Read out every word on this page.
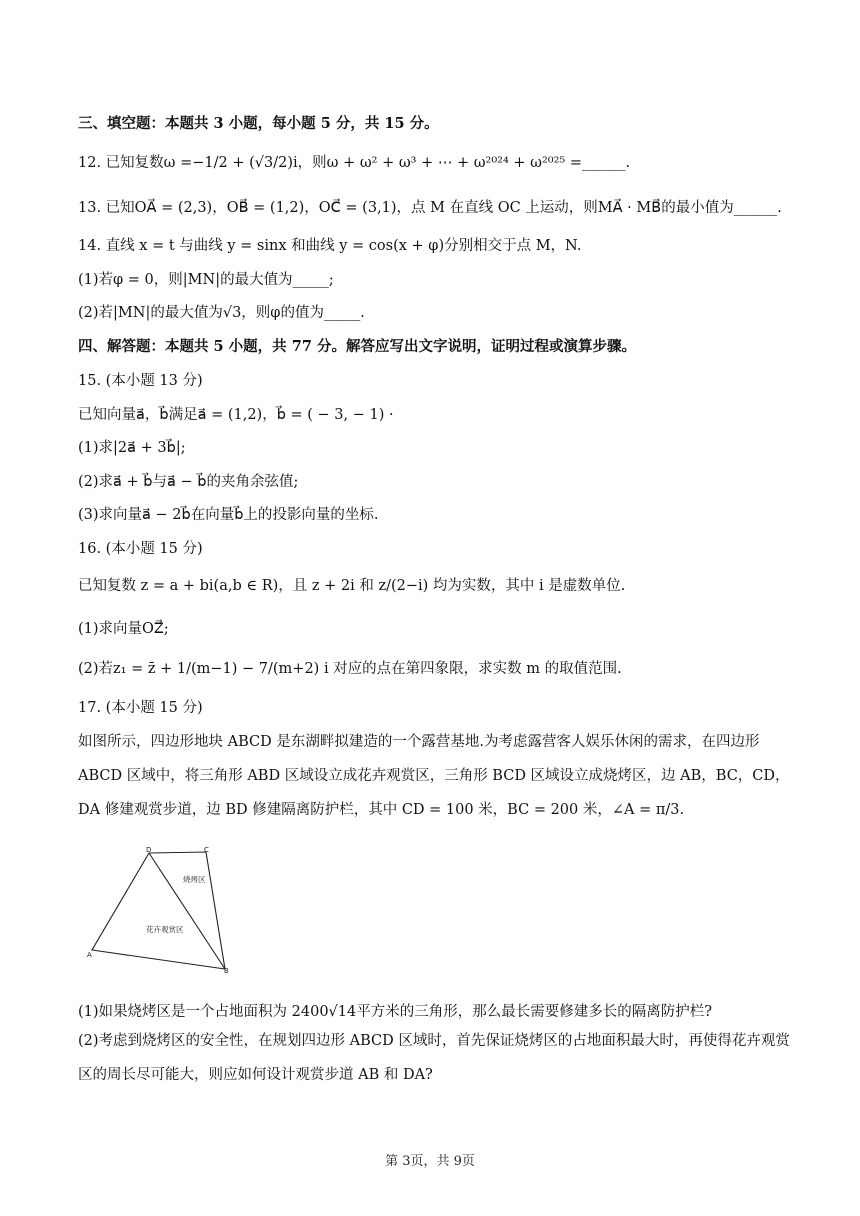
三、填空题：本题共 3 小题，每小题 5 分，共 15 分。
12. 已知复数ω =−1/2 + (√3/2)i，则ω + ω² + ω³ + ⋯ + ω²⁰²⁴ + ω²⁰²⁵ =______.
13. 已知OA⃗ = (2,3)，OB⃗ = (1,2)，OC⃗ = (3,1)，点 M 在直线 OC 上运动，则MA⃗ · MB⃗的最小值为______.
14. 直线 x = t 与曲线 y = sinx 和曲线 y = cos(x + φ)分别相交于点 M，N.
(1)若φ = 0，则|MN|的最大值为_____;
(2)若|MN|的最大值为√3，则φ的值为_____.
四、解答题：本题共 5 小题，共 77 分。解答应写出文字说明，证明过程或演算步骤。
15. (本小题 13 分)
已知向量a⃗，b⃗满足a⃗ = (1,2)，b⃗ = ( − 3, − 1) ·
(1)求|2a⃗ + 3b⃗|;
(2)求a⃗ + b⃗与a⃗ − b⃗的夹角余弦值;
(3)求向量a⃗ − 2b⃗在向量b⃗上的投影向量的坐标.
16. (本小题 15 分)
已知复数 z = a + bi(a,b ∈ R)，且 z + 2i 和 z/(2−i) 均为实数，其中 i 是虚数单位.
(1)求向量OZ⃗;
(2)若z₁ = z̄ + 1/(m−1) − 7/(m+2) i 对应的点在第四象限，求实数 m 的取值范围.
17. (本小题 15 分)
如图所示，四边形地块 ABCD 是东湖畔拟建造的一个露营基地.为考虑露营客人娱乐休闲的需求，在四边形 ABCD 区域中，将三角形 ABD 区域设立成花卉观赏区，三角形 BCD 区域设立成烧烤区，边 AB，BC，CD，DA 修建观赏步道，边 BD 修建隔离防护栏，其中 CD = 100 米，BC = 200 米，∠A = π/3.
D	C
A
B
烧烤区
花卉观赏区
(1)如果烧烤区是一个占地面积为 2400√14平方米的三角形，那么最长需要修建多长的隔离防护栏?
(2)考虑到烧烤区的安全性，在规划四边形 ABCD 区域时，首先保证烧烤区的占地面积最大时，再使得花卉观赏区的周长尽可能大，则应如何设计观赏步道 AB 和 DA?
第 3页，共 9页
